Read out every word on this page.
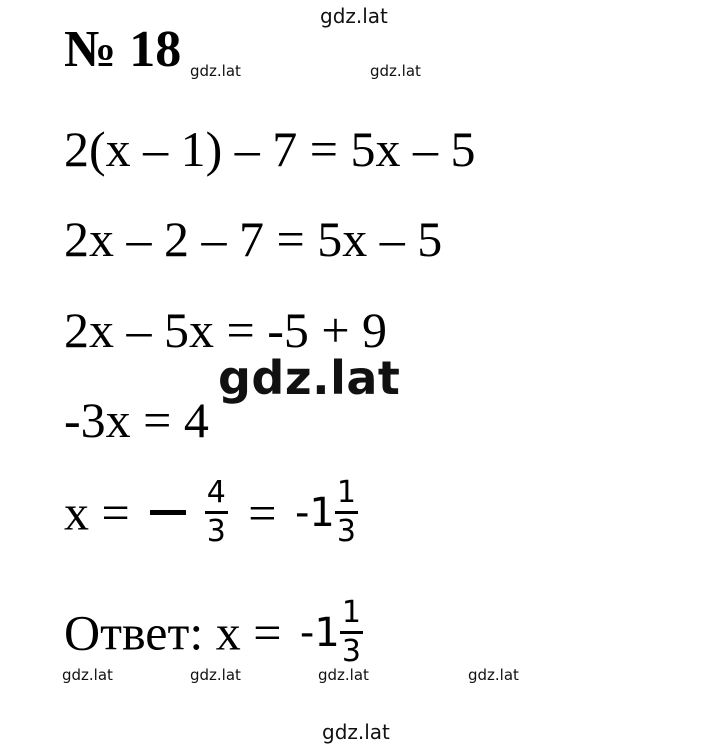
gdz.lat
gdz.lat	gdz.lat
№ 18
2(x – 1) – 7 = 5x – 5
2x – 2 – 7 = 5x – 5
2x – 5x = -5 + 9
-3x = 4
gdz.lat
x =	$\frac{4}{3} = -1 \frac{1}{3}$
Ответ: $x = -1 \frac{1}{3}$
gdz.lat	gdz.lat	gdz.lat	gdz.lat
gdz.lat
